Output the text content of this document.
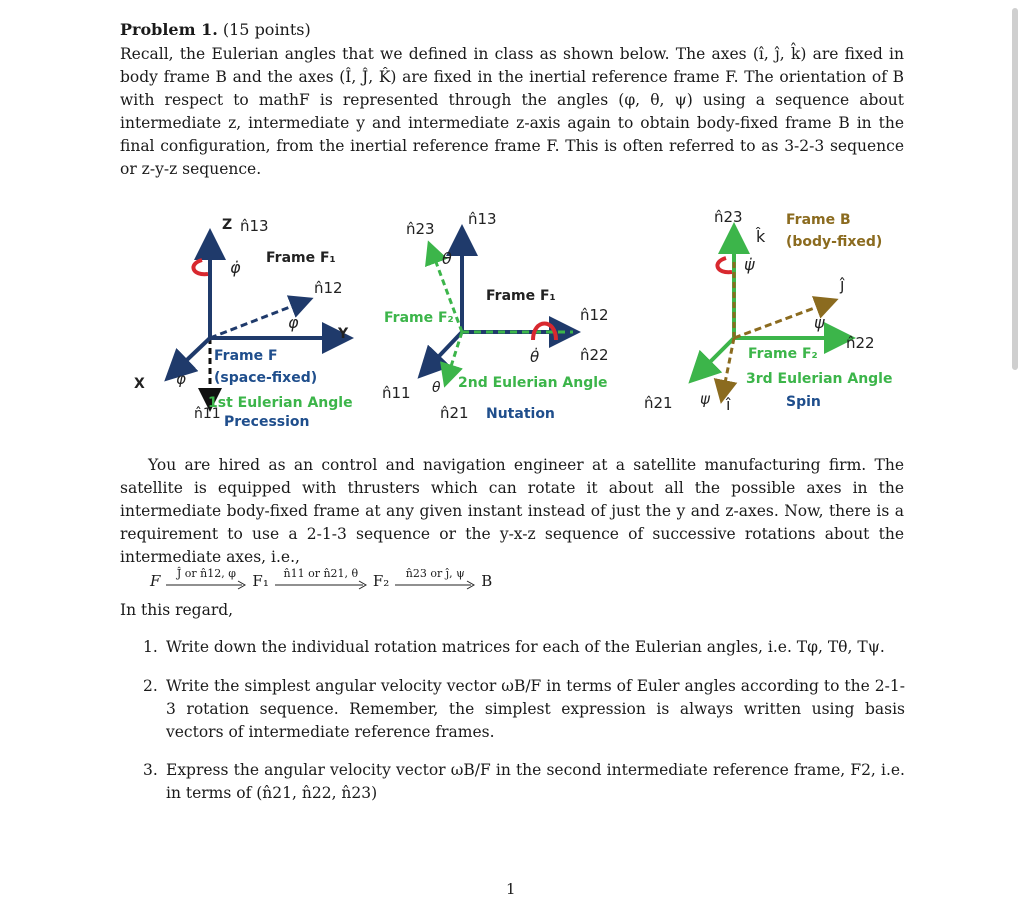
Problem 1. (15 points)

Recall, the Eulerian angles that we defined in class as shown below. The axes (î, ĵ, k̂) are fixed in body frame B and the axes (Î, Ĵ, K̂) are fixed in the inertial reference frame F. The orientation of B with respect to mathF is represented through the angles (φ, θ, ψ) using a sequence about intermediate z, intermediate y and intermediate z-axis again to obtain body-fixed frame B in the final configuration, from the inertial reference frame F. This is often referred to as 3-2-3 sequence or z-y-z sequence.

Z n̂13
φ̇ Frame F₁
n̂12
φ
Y
X φ
Frame F
(space-fixed)
1st Eulerian Angle
n̂11 Precession
n̂23
n̂13
θ
Frame F₁
Frame F₂	n̂12
θ̇	n̂22
n̂11 θ 2nd Eulerian Angle
n̂21 Nutation
n̂23
k̂
Frame B
(body-fixed)
ψ̇
ĵ
ψ
n̂22
Frame F₂
3rd Eulerian Angle
n̂21 ψ î	Spin

You are hired as an control and navigation engineer at a satellite manufacturing firm. The satellite is equipped with thrusters which can rotate it about all the possible axes in the intermediate body-fixed frame at any given instant instead of just the y and z-axes. Now, there is a requirement to use a 2-1-3 sequence or the y-x-z sequence of successive rotations about the intermediate axes, i.e.,

F Ĵ or n̂12, φ F₁ n̂11 or n̂21, θ F₂ n̂23 or ĵ, ψ B
In this regard,
1. Write down the individual rotation matrices for each of the Eulerian angles, i.e. Tφ, Tθ, Tψ.
2. Write the simplest angular velocity vector ωB/F in terms of Euler angles according to the 2-1-3 rotation sequence. Remember, the simplest expression is always written using basis vectors of intermediate reference frames.
3. Express the angular velocity vector ωB/F in the second intermediate reference frame, F2, i.e. in terms of (n̂21, n̂22, n̂23)
1
